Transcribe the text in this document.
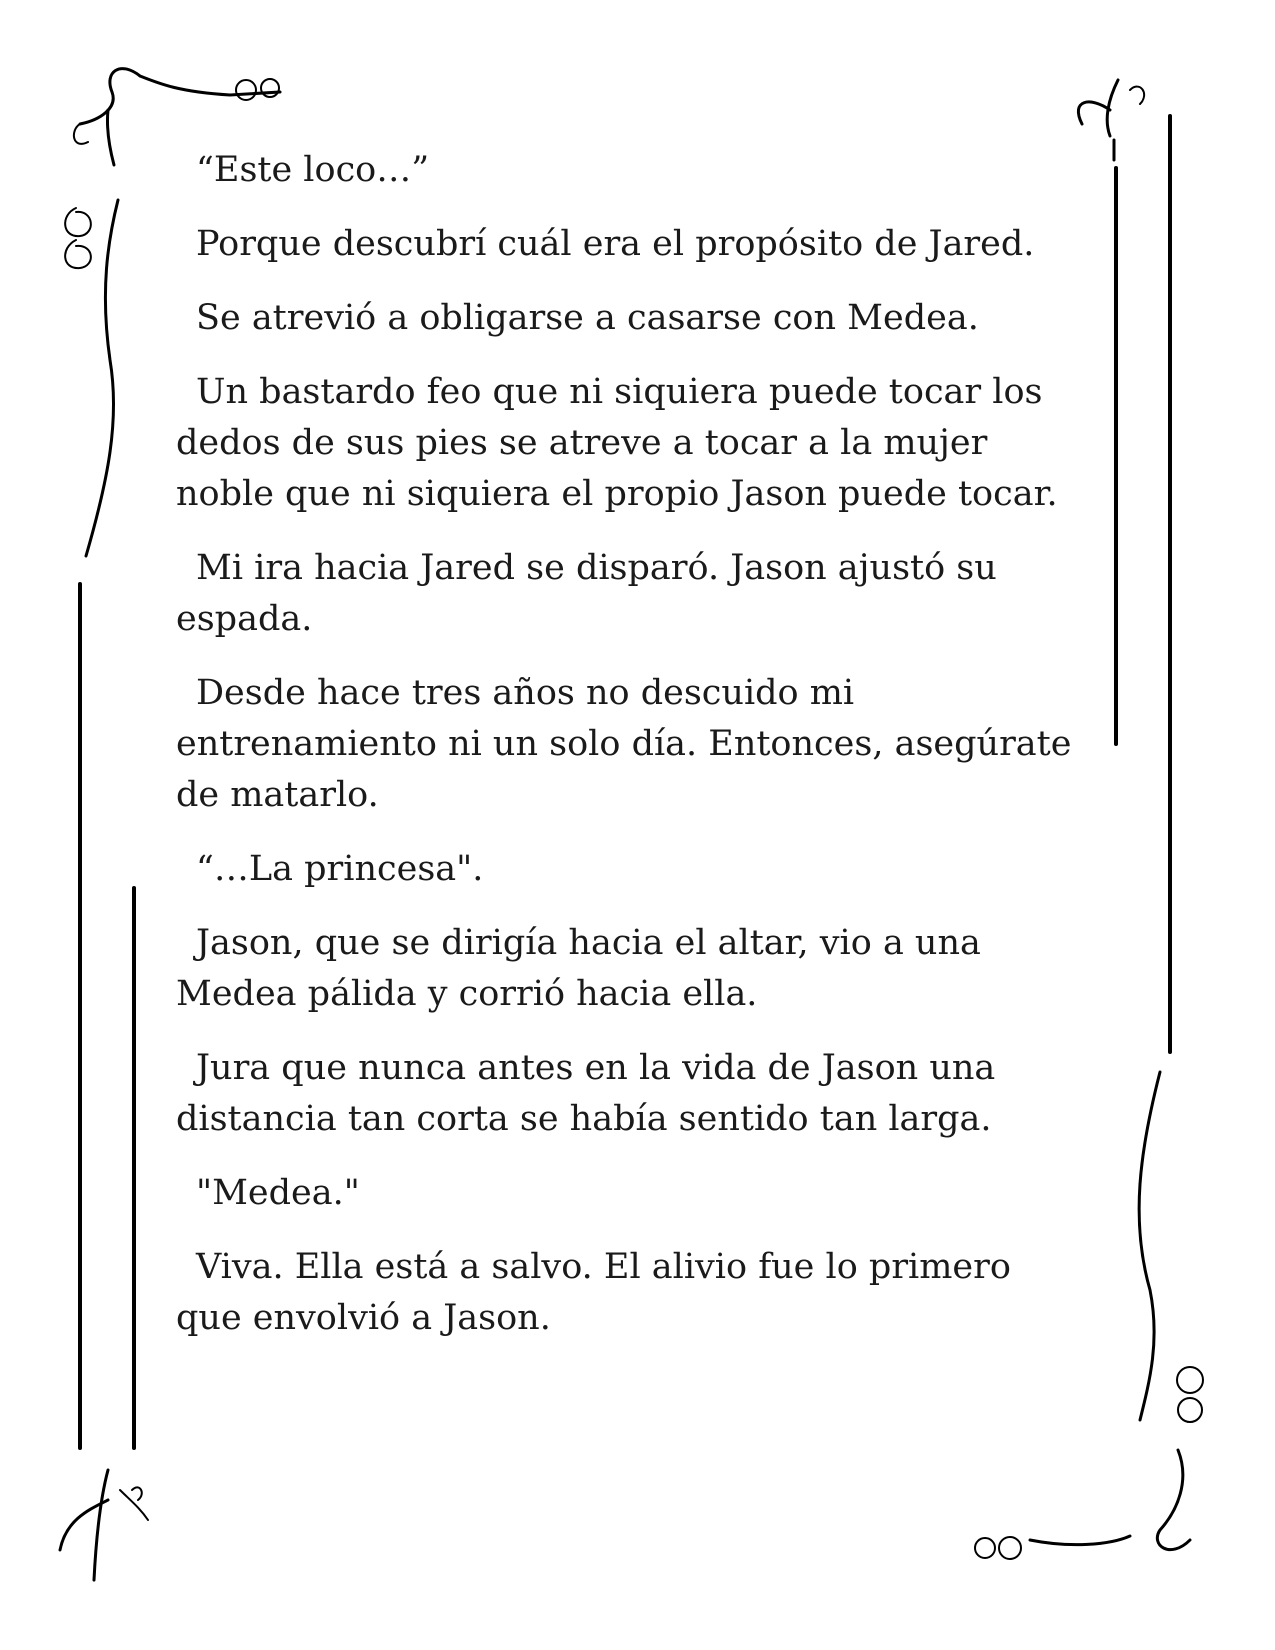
“Este loco…”

Porque descubrí cuál era el propósito de Jared.

Se atrevió a obligarse a casarse con Medea.

Un bastardo feo que ni siquiera puede tocar los dedos de sus pies se atreve a tocar a la mujer noble que ni siquiera el propio Jason puede tocar.

Mi ira hacia Jared se disparó. Jason ajustó su espada.

Desde hace tres años no descuido mi entrenamiento ni un solo día. Entonces, asegúrate de matarlo.

“…La princesa".

Jason, que se dirigía hacia el altar, vio a una Medea pálida y corrió hacia ella.

Jura que nunca antes en la vida de Jason una distancia tan corta se había sentido tan larga.

"Medea."

Viva. Ella está a salvo. El alivio fue lo primero que envolvió a Jason.
